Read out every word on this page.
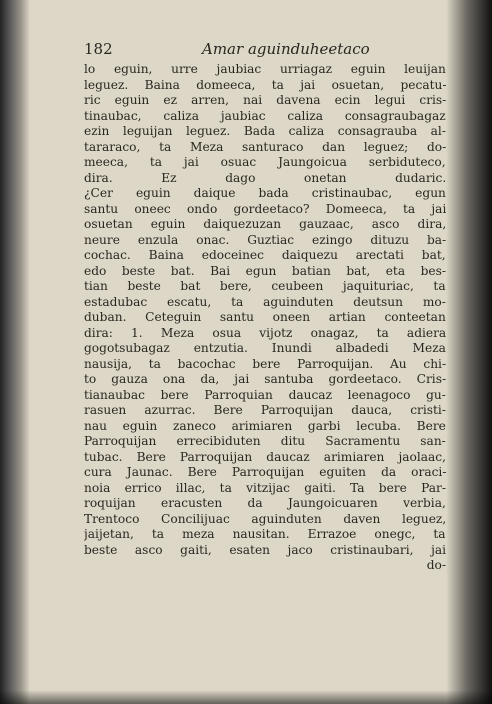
182	Amar aguinduheetaco
lo eguin, urre jaubiac urriagaz eguin leuijan
leguez. Baina domeeca, ta jai osuetan, pecatu-
ric eguin ez arren, nai davena ecin legui cris-
tinaubac, caliza jaubiac caliza consagraubagaz
ezin leguijan leguez. Bada caliza consagrauba al-
tararaco, ta Meza santuraco dan leguez; do-
meeca, ta jai osuac Jaungoicua serbiduteco,
dira. Ez dago onetan dudaric.
¿Cer eguin daique bada cristinaubac, egun
santu oneec ondo gordeetaco? Domeeca, ta jai
osuetan eguin daiquezuzan gauzaac, asco dira,
neure enzula onac. Guztiac ezingo dituzu ba-
cochac. Baina edoceinec daiquezu arectati bat,
edo beste bat. Bai egun batian bat, eta bes-
tian beste bat bere, ceubeen jaquituriac, ta
estadubac escatu, ta aguinduten deutsun mo-
duban. Ceteguin santu oneen artian conteetan
dira: 1. Meza osua vijotz onagaz, ta adiera
gogotsubagaz entzutia. Inundi albadedi Meza
nausija, ta bacochac bere Parroquijan. Au chi-
to gauza ona da, jai santuba gordeetaco. Cris-
tianaubac bere Parroquian daucaz leenagoco gu-
rasuen azurrac. Bere Parroquijan dauca, cristi-
nau eguin zaneco arimiaren garbi lecuba. Bere
Parroquijan errecibiduten ditu Sacramentu san-
tubac. Bere Parroquijan daucaz arimiaren jaolaac,
cura Jaunac. Bere Parroquijan eguiten da oraci-
noia errico illac, ta vitzijac gaiti. Ta bere Par-
roquijan eracusten da Jaungoicuaren verbia,
Trentoco Concilijuac aguinduten daven leguez,
jaijetan, ta meza nausitan. Errazoe onegc, ta
beste asco gaiti, esaten jaco cristinaubari, jai
do-
